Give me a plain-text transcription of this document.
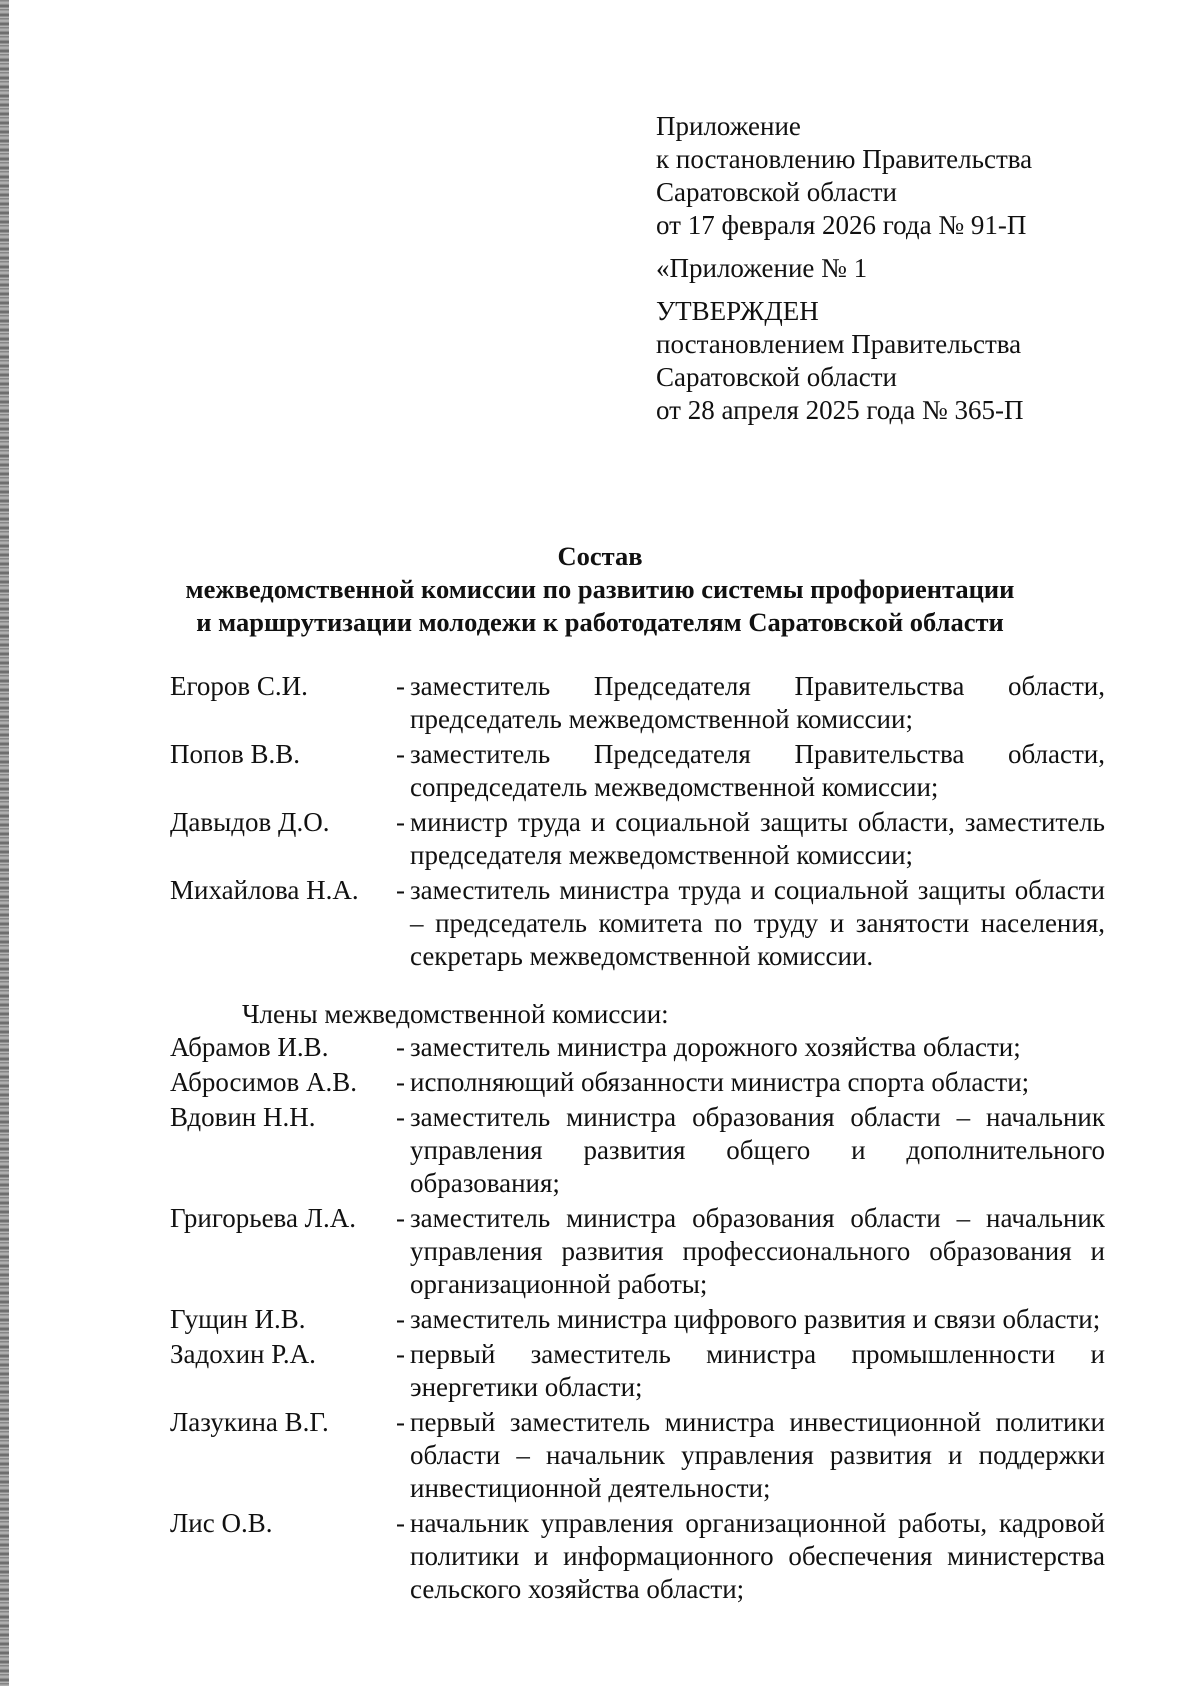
Приложение
к постановлению Правительства
Саратовской области
от 17 февраля 2026 года № 91-П
«Приложение № 1
УТВЕРЖДЕН
постановлением Правительства
Саратовской области
от 28 апреля 2025 года № 365-П
Состав
межведомственной комиссии по развитию системы профориентации
и маршрутизации молодежи к работодателям Саратовской области
Егоров С.И.	- заместитель Председателя Правительства области, председатель межведомственной комиссии;
Попов В.В.	- заместитель Председателя Правительства области, сопредседатель межведомственной комиссии;
Давыдов Д.О.	- министр труда и социальной защиты области, заместитель председателя межведомственной комиссии;
Михайлова Н.А.	- заместитель министра труда и социальной защиты области – председатель комитета по труду и занятости населения, секретарь межведомственной комиссии.
Члены межведомственной комиссии:
Абрамов И.В.	- заместитель министра дорожного хозяйства области;
Абросимов А.В.	- исполняющий обязанности министра спорта области;
Вдовин Н.Н.	- заместитель министра образования области – начальник управления развития общего и дополнительного образования;
Григорьева Л.А.	- заместитель министра образования области – начальник управления развития профессионального образования и организационной работы;
Гущин И.В.	- заместитель министра цифрового развития и связи области;
Задохин Р.А.	- первый заместитель министра промышленности и энергетики области;
Лазукина В.Г.	- первый заместитель министра инвестиционной политики области – начальник управления развития и поддержки инвестиционной деятельности;
Лис О.В.	- начальник управления организационной работы, кадровой политики и информационного обеспечения министерства сельского хозяйства области;
